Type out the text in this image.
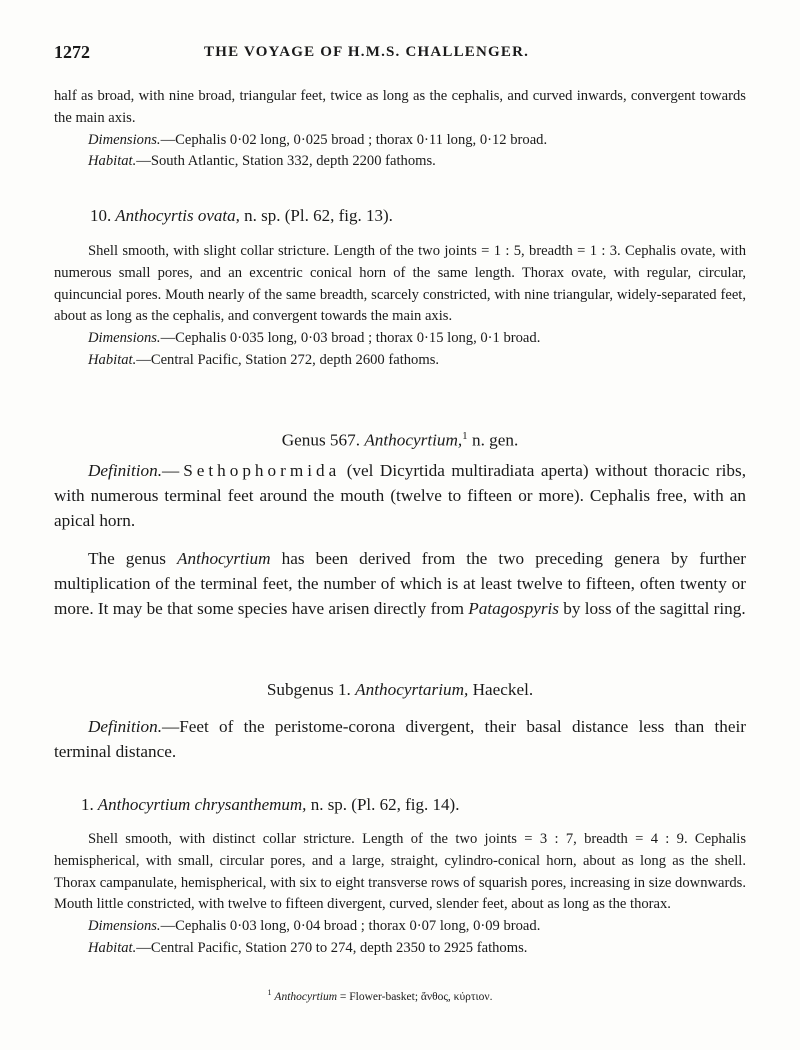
1272	THE VOYAGE OF H.M.S. CHALLENGER.

half as broad, with nine broad, triangular feet, twice as long as the cephalis, and curved inwards, convergent towards the main axis.

Dimensions.—Cephalis 0·02 long, 0·025 broad ; thorax 0·11 long, 0·12 broad.

Habitat.—South Atlantic, Station 332, depth 2200 fathoms.

10. Anthocyrtis ovata, n. sp. (Pl. 62, fig. 13).

Shell smooth, with slight collar stricture. Length of the two joints = 1 : 5, breadth = 1 : 3. Cephalis ovate, with numerous small pores, and an excentric conical horn of the same length. Thorax ovate, with regular, circular, quincuncial pores. Mouth nearly of the same breadth, scarcely constricted, with nine triangular, widely-separated feet, about as long as the cephalis, and convergent towards the main axis.

Dimensions.—Cephalis 0·035 long, 0·03 broad ; thorax 0·15 long, 0·1 broad.

Habitat.—Central Pacific, Station 272, depth 2600 fathoms.

Genus 567. Anthocyrtium,$^1$ n. gen.

Definition.—Sethophormida (vel Dicyrtida multiradiata aperta) without thoracic ribs, with numerous terminal feet around the mouth (twelve to fifteen or more). Cephalis free, with an apical horn.

The genus Anthocyrtium has been derived from the two preceding genera by further multiplication of the terminal feet, the number of which is at least twelve to fifteen, often twenty or more. It may be that some species have arisen directly from Patagospyris by loss of the sagittal ring.

Subgenus 1. Anthocyrtarium, Haeckel.

Definition.—Feet of the peristome-corona divergent, their basal distance less than their terminal distance.

1. Anthocyrtium chrysanthemum, n. sp. (Pl. 62, fig. 14).

Shell smooth, with distinct collar stricture. Length of the two joints = 3 : 7, breadth = 4 : 9. Cephalis hemispherical, with small, circular pores, and a large, straight, cylindro-conical horn, about as long as the shell. Thorax campanulate, hemispherical, with six to eight transverse rows of squarish pores, increasing in size downwards. Mouth little constricted, with twelve to fifteen divergent, curved, slender feet, about as long as the thorax.

Dimensions.—Cephalis 0·03 long, 0·04 broad ; thorax 0·07 long, 0·09 broad.

Habitat.—Central Pacific, Station 270 to 274, depth 2350 to 2925 fathoms.

$^1$ Anthocyrtium = Flower-basket; ἄνθος, κύρτιον.
